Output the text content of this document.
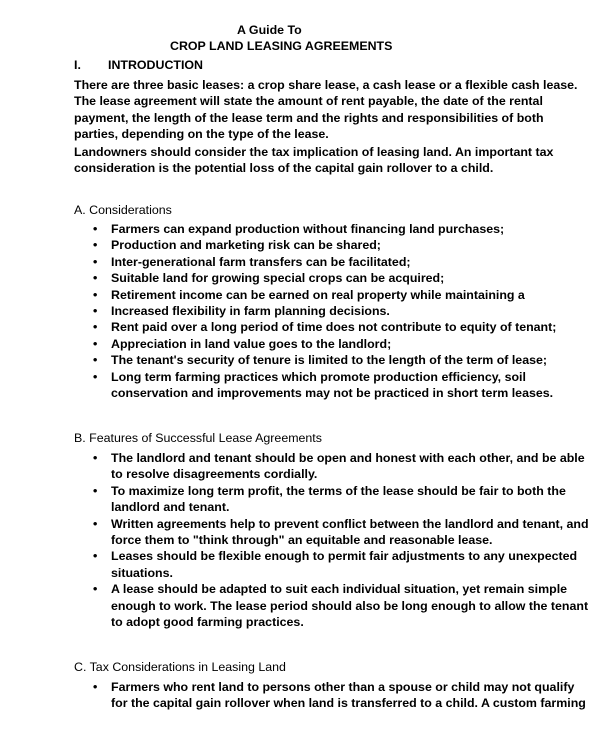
A Guide To
CROP LAND LEASING AGREEMENTS
I. INTRODUCTION
There are three basic leases: a crop share lease, a cash lease or a flexible cash lease. The lease agreement will state the amount of rent payable, the date of the rental payment, the length of the lease term and the rights and responsibilities of both parties, depending on the type of the lease.
Landowners should consider the tax implication of leasing land. An important tax consideration is the potential loss of the capital gain rollover to a child.
A. Considerations
• Farmers can expand production without financing land purchases;
• Production and marketing risk can be shared;
• Inter-generational farm transfers can be facilitated;
• Suitable land for growing special crops can be acquired;
• Retirement income can be earned on real property while maintaining a
• Increased flexibility in farm planning decisions.
• Rent paid over a long period of time does not contribute to equity of tenant;
• Appreciation in land value goes to the landlord;
• The tenant's security of tenure is limited to the length of the term of lease;
• Long term farming practices which promote production efficiency, soil
conservation and improvements may not be practiced in short term leases.
B. Features of Successful Lease Agreements
• The landlord and tenant should be open and honest with each other, and be able
to resolve disagreements cordially.
• To maximize long term profit, the terms of the lease should be fair to both the
landlord and tenant.
• Written agreements help to prevent conflict between the landlord and tenant, and
force them to "think through" an equitable and reasonable lease.
• Leases should be flexible enough to permit fair adjustments to any unexpected
situations.
• A lease should be adapted to suit each individual situation, yet remain simple
enough to work. The lease period should also be long enough to allow the tenant
to adopt good farming practices.
C. Tax Considerations in Leasing Land
• Farmers who rent land to persons other than a spouse or child may not qualify
for the capital gain rollover when land is transferred to a child. A custom farming
